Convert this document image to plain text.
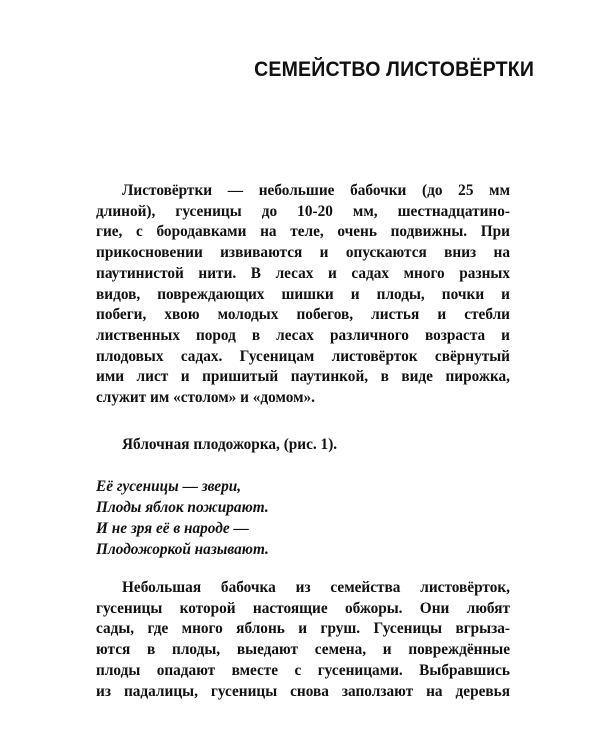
СЕМЕЙСТВО ЛИСТОВЁРТКИ
Листовёртки — небольшие бабочки (до 25 мм
длиной), гусеницы до 10-20 мм, шестнадцатино-
гие, с бородавками на теле, очень подвижны. При
прикосновении извиваются и опускаются вниз на
паутинистой нити. В лесах и садах много разных
видов, повреждающих шишки и плоды, почки и
побеги, хвою молодых побегов, листья и стебли
лиственных пород в лесах различного возраста и
плодовых садах. Гусеницам листовёрток свёрнутый
ими лист и пришитый паутинкой, в виде пирожка,
служит им «столом» и «домом».
Яблочная плодожорка, (рис. 1).
Её гусеницы — звери,
Плоды яблок пожирают.
И не зря её в народе —
Плодожоркой называют.
Небольшая бабочка из семейства листовёрток,
гусеницы которой настоящие обжоры. Они любят
сады, где много яблонь и груш. Гусеницы вгрыза-
ются в плоды, выедают семена, и повреждённые
плоды опадают вместе с гусеницами. Выбравшись
из падалицы, гусеницы снова заползают на деревья
